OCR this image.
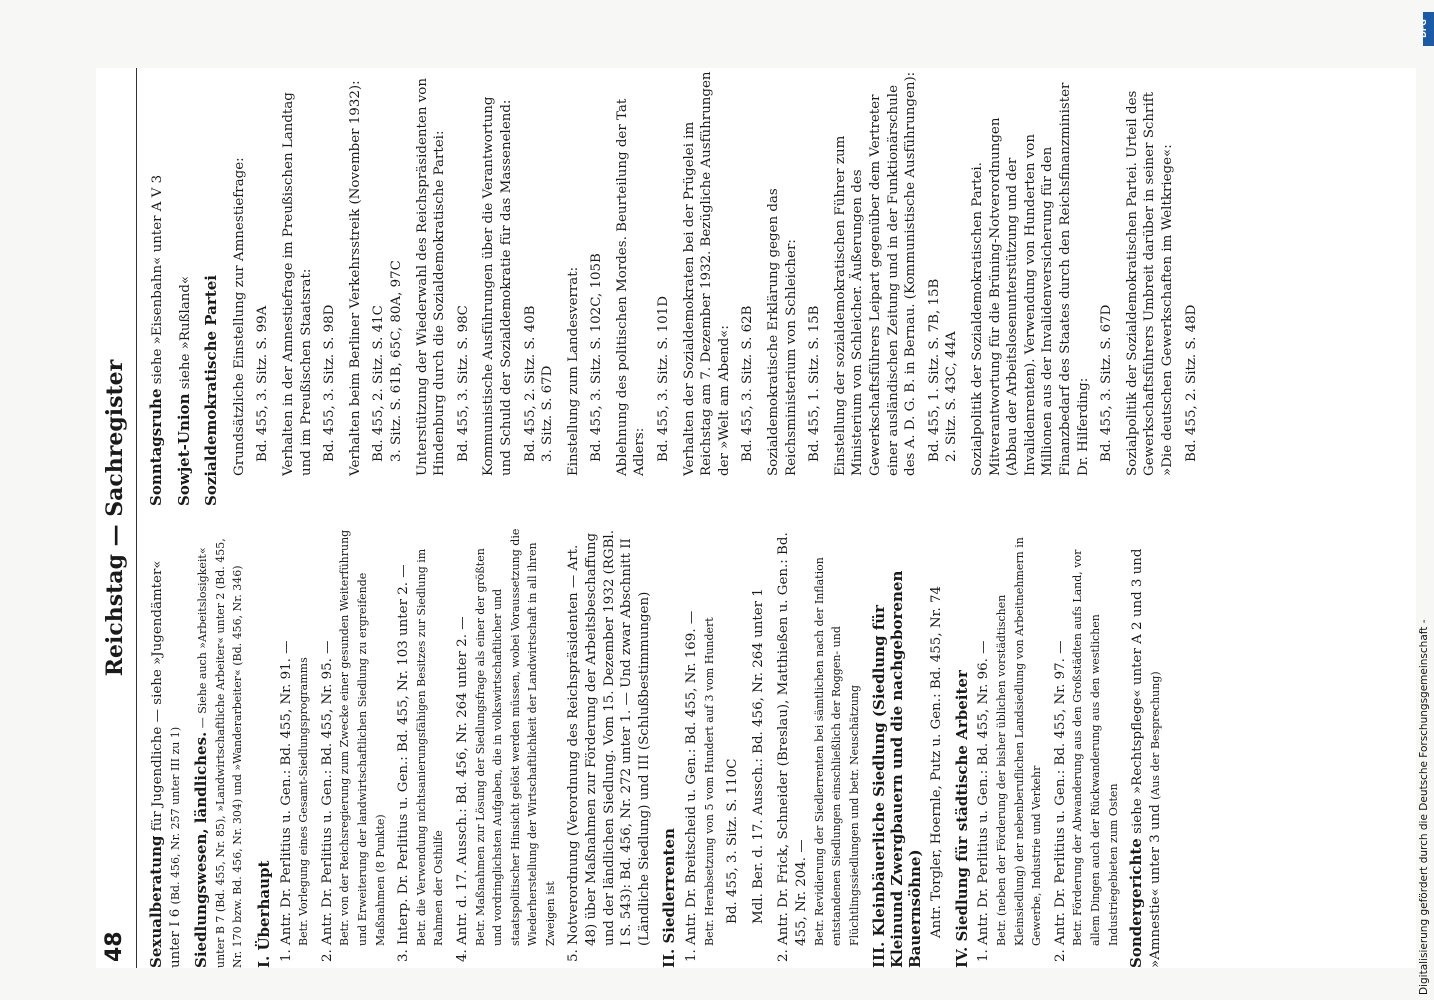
48
Reichstag — Sachregister
Sexualberatung für Jugendliche — siehe »Jugendämter« unter I 6 (Bd. 456, Nr. 257 unter III zu 1) Siedlungswesen, ländliches. — Siehe auch »Arbeitslosigkeit« unter B 7 (Bd. 455, Nr. 85), »Landwirtschaftliche Arbeiter« unter 2 (Bd. 455, Nr. 170 bzw. Bd. 456, Nr. 304) und »Wanderarbeiter« (Bd. 456, Nr. 346) I. Überhaupt 1. Antr. Dr. Perlitius u. Gen.: Bd. 455, Nr. 91. — Betr. Vorlegung eines Gesamt-Siedlungsprogramms
2. Antr. Dr. Perlitius u. Gen.: Bd. 455, Nr. 95. — Betr. von der Reichsregierung zum Zwecke einer gesunden Weiterführung und Erweiterung der landwirtschaftlichen Siedlung zu ergreifende Maßnahmen (8 Punkte)
3. Interp. Dr. Perlitius u. Gen.: Bd. 455, Nr. 103 unter 2. — Betr. die Verwendung nichtsanierungsfähigen Besitzes zur Siedlung im Rahmen der Osthilfe
4. Antr. d. 17. Aussch.: Bd. 456, Nr. 264 unter 2. — Betr. Maßnahmen zur Lösung der Siedlungsfrage als einer der größten und vordringlichsten Aufgaben, die in volkswirtschaftlicher und staatspolitischer Hinsicht gelöst werden müssen, wobei Voraussetzung die Wiederherstellung der Wirtschaftlichkeit der Landwirtschaft in all ihren Zweigen ist
5. Notverordnung (Verordnung des Reichspräsidenten — Art. 48) über Maßnahmen zur Förderung der Arbeitsbeschaffung und der ländlichen Siedlung. Vom 15. Dezember 1932 (RGBl. I S. 543): Bd. 456, Nr. 272 unter 1. — Und zwar Abschnitt II (Ländliche Siedlung) und III (Schlußbestimmungen) II. Siedlerrenten 1. Antr. Dr. Breitscheid u. Gen.: Bd. 455, Nr. 169. — Betr. Herabsetzung von 5 vom Hundert auf 3 vom Hundert Bd. 455, 3. Sitz. S. 110C Mdl. Ber. d. 17. Aussch.: Bd. 456, Nr. 264 unter 1
2. Antr. Dr. Frick, Schneider (Breslau), Matthießen u. Gen.: Bd. 455, Nr. 204. — Betr. Revidierung der Siedlerrenten bei sämtlichen nach der Inflation entstandenen Siedlungen einschließlich der Roggen- und Flüchtlingssiedlungen und betr. Neuschätzung III. Kleinbäuerliche Siedlung (Siedlung für Kleinund Zwergbauern und die nachgeborenen Bauernsöhne) Antr. Torgler, Hoernle, Putz u. Gen.: Bd. 455, Nr. 74 IV. Siedlung für städtische Arbeiter 1. Antr. Dr. Perlitius u. Gen.: Bd. 455, Nr. 96. — Betr. (neben der Förderung der bisher üblichen vorstädtischen Kleinsiedlung) der nebenberuflichen Landsiedlung von Arbeitnehmern in Gewerbe, Industrie und Verkehr
2. Antr. Dr. Perlitius u. Gen.: Bd. 455, Nr. 97. — Betr. Förderung der Abwanderung aus den Großstädten aufs Land, vor allem Dingen auch der Rückwanderung aus den westlichen Industriegebieten zum Osten Sondergerichte siehe »Rechtspflege« unter A 2 und 3 und »Amnestie« unter 3 und (Aus der Besprechung)
Sonntagsruhe siehe »Eisenbahn« unter A V 3
Sowjet-Union siehe »Rußland« Sozialdemokratische Partei Grundsätzliche Einstellung zur Amnestiefrage: Bd. 455, 3. Sitz. S. 99A Verhalten in der Amnestiefrage im Preußischen Landtag und im Preußischen Staatsrat: Bd. 455, 3. Sitz. S. 98D Verhalten beim Berliner Verkehrsstreik (November 1932): Bd. 455, 2. Sitz. S. 41C 3. Sitz. S. 61B, 65C, 80A, 97C Unterstützung der Wiederwahl des Reichspräsidenten von Hindenburg durch die Sozialdemokratische Partei: Bd. 455, 3. Sitz. S. 98C Kommunistische Ausführungen über die Verantwortung und Schuld der Sozialdemokratie für das Massenelend: Bd. 455, 2. Sitz. S. 40B 3. Sitz. S. 67D Einstellung zum Landesverrat: Bd. 455, 3. Sitz. S. 102C, 105B Ablehnung des politischen Mordes. Beurteilung der Tat Adlers: Bd. 455, 3. Sitz. S. 101D Verhalten der Sozialdemokraten bei der Prügelei im Reichstag am 7. Dezember 1932. Bezügliche Ausführungen der »Welt am Abend«: Bd. 455, 3. Sitz. S. 62B Sozialdemokratische Erklärung gegen das Reichsministerium von Schleicher: Bd. 455, 1. Sitz. S. 15B Einstellung der sozialdemokratischen Führer zum Ministerium von Schleicher. Äußerungen des Gewerkschaftsführers Leipart gegenüber dem Vertreter einer ausländischen Zeitung und in der Funktionärschule des A. D. G. B. in Bernau. (Kommunistische Ausführungen): Bd. 455, 1. Sitz. S. 7B, 15B 2. Sitz. S. 43C, 44A Sozialpolitik der Sozialdemokratischen Partei. Mitverantwortung für die Brüning-Notverordnungen (Abbau der Arbeitslosenunterstützung und der Invalidenrenten). Verwendung von Hunderten von Millionen aus der Invalidenversicherung für den Finanzbedarf des Staates durch den Reichsfinanzminister Dr. Hilferding: Bd. 455, 3. Sitz. S. 67D Sozialpolitik der Sozialdemokratischen Partei. Urteil des Gewerkschaftsführers Umbreit darüber in seiner Schrift »Die deutschen Gewerkschaften im Weltkriege«: Bd. 455, 2. Sitz. S. 48D
Digitalisierung gefördert durch die Deutsche Forschungsgemeinschaft -
DFG
